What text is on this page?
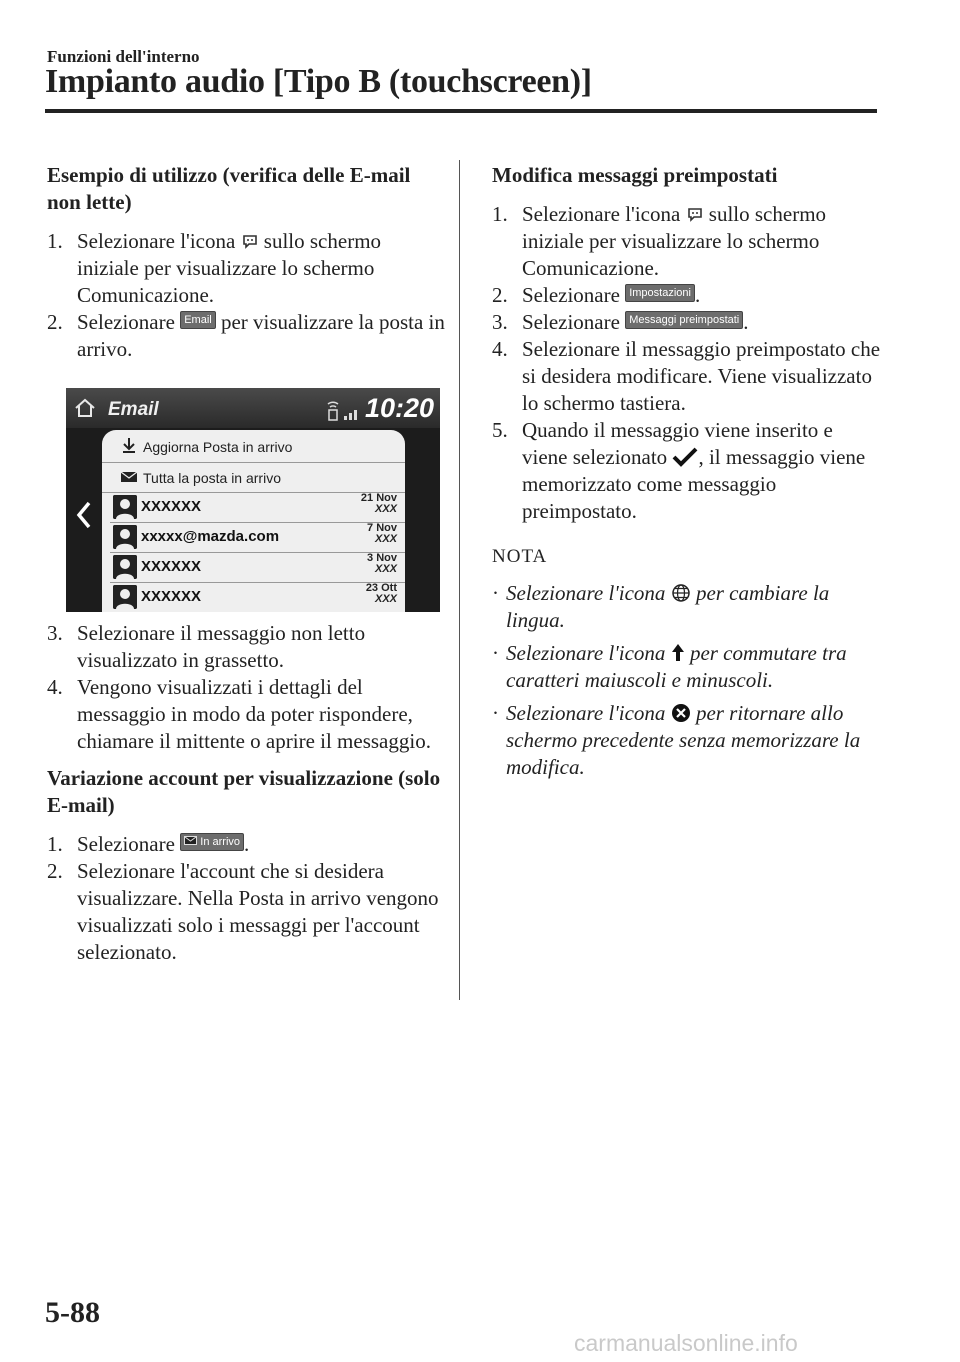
Funzioni dell'interno
Impianto audio [Tipo B (touchscreen)]
Esempio di utilizzo (verifica delle E-mail non lette)
1. Selezionare l'icona sullo schermo iniziale per visualizzare lo schermo Comunicazione.
2. Selezionare Email per visualizzare la posta in arrivo.
Email	10:20
Aggiorna Posta in arrivo
Tutta la posta in arrivo
XXXXXX	21 Nov
XXX
xxxxx@mazda.com	7 Nov
XXX
XXXXXX	3 Nov
XXX
XXXXXX	23 Ott
XXX
3. Selezionare il messaggio non letto visualizzato in grassetto.
4. Vengono visualizzati i dettagli del messaggio in modo da poter rispondere, chiamare il mittente o aprire il messaggio.
Variazione account per visualizzazione (solo E-mail)
1. Selezionare In arrivo .
2. Selezionare l'account che si desidera visualizzare. Nella Posta in arrivo vengono visualizzati solo i messaggi per l'account selezionato.
Modifica messaggi preimpostati
1. Selezionare l'icona sullo schermo iniziale per visualizzare lo schermo Comunicazione.
2. Selezionare Impostazioni .
3. Selezionare Messaggi preimpostati .
4. Selezionare il messaggio preimpostato che si desidera modificare. Viene visualizzato lo schermo tastiera.
5. Quando il messaggio viene inserito e viene selezionato , il messaggio viene memorizzato come messaggio preimpostato.
NOTA
· Selezionare l'icona per cambiare la lingua.
· Selezionare l'icona per commutare tra caratteri maiuscoli e minuscoli.
· Selezionare l'icona per ritornare allo schermo precedente senza memorizzare la modifica.
5-88
carmanualsonline.info
